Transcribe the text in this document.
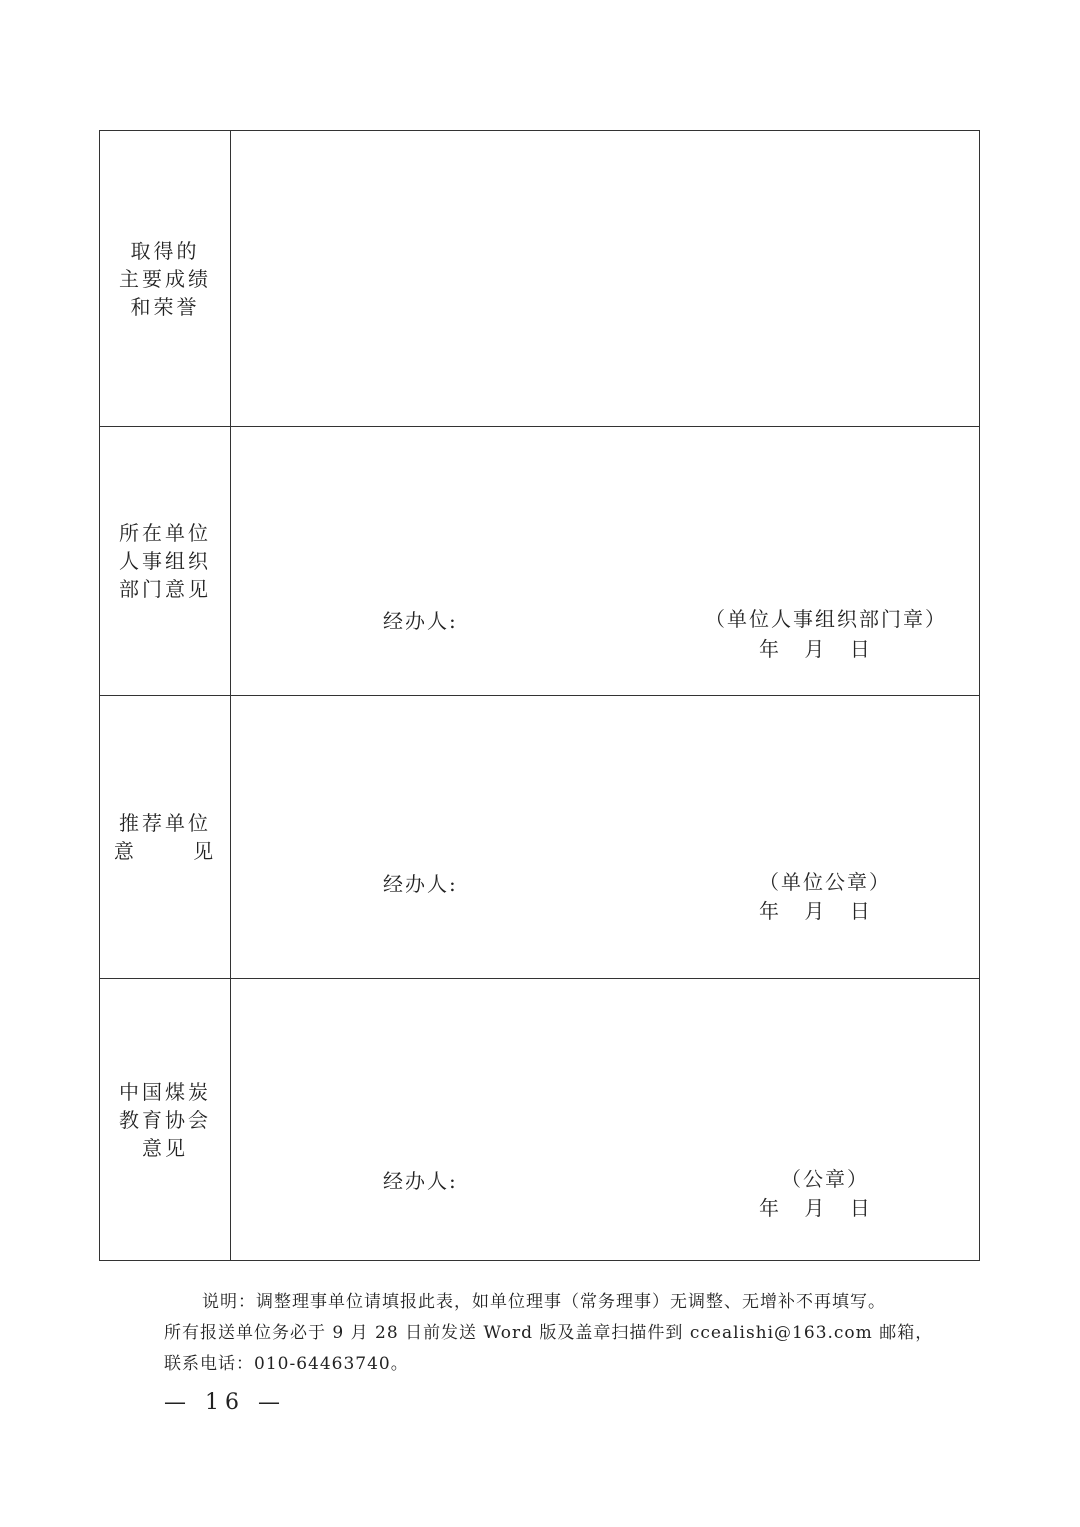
取得的
主要成绩
和荣誉	

所在单位
人事组织
部门意见	经办人: （单位人事组织部门章）
年    月    日

推荐单位
意      见	经办人: （单位公章）
年    月    日

中国煤炭
教育协会
意见	经办人: （公章）
年    月    日
说明：调整理事单位请填报此表，如单位理事（常务理事）无调整、无增补不再填写。
所有报送单位务必于 9 月 28 日前发送 Word 版及盖章扫描件到 ccealishi@163.com 邮箱，
联系电话：010-64463740。
— 16 —
